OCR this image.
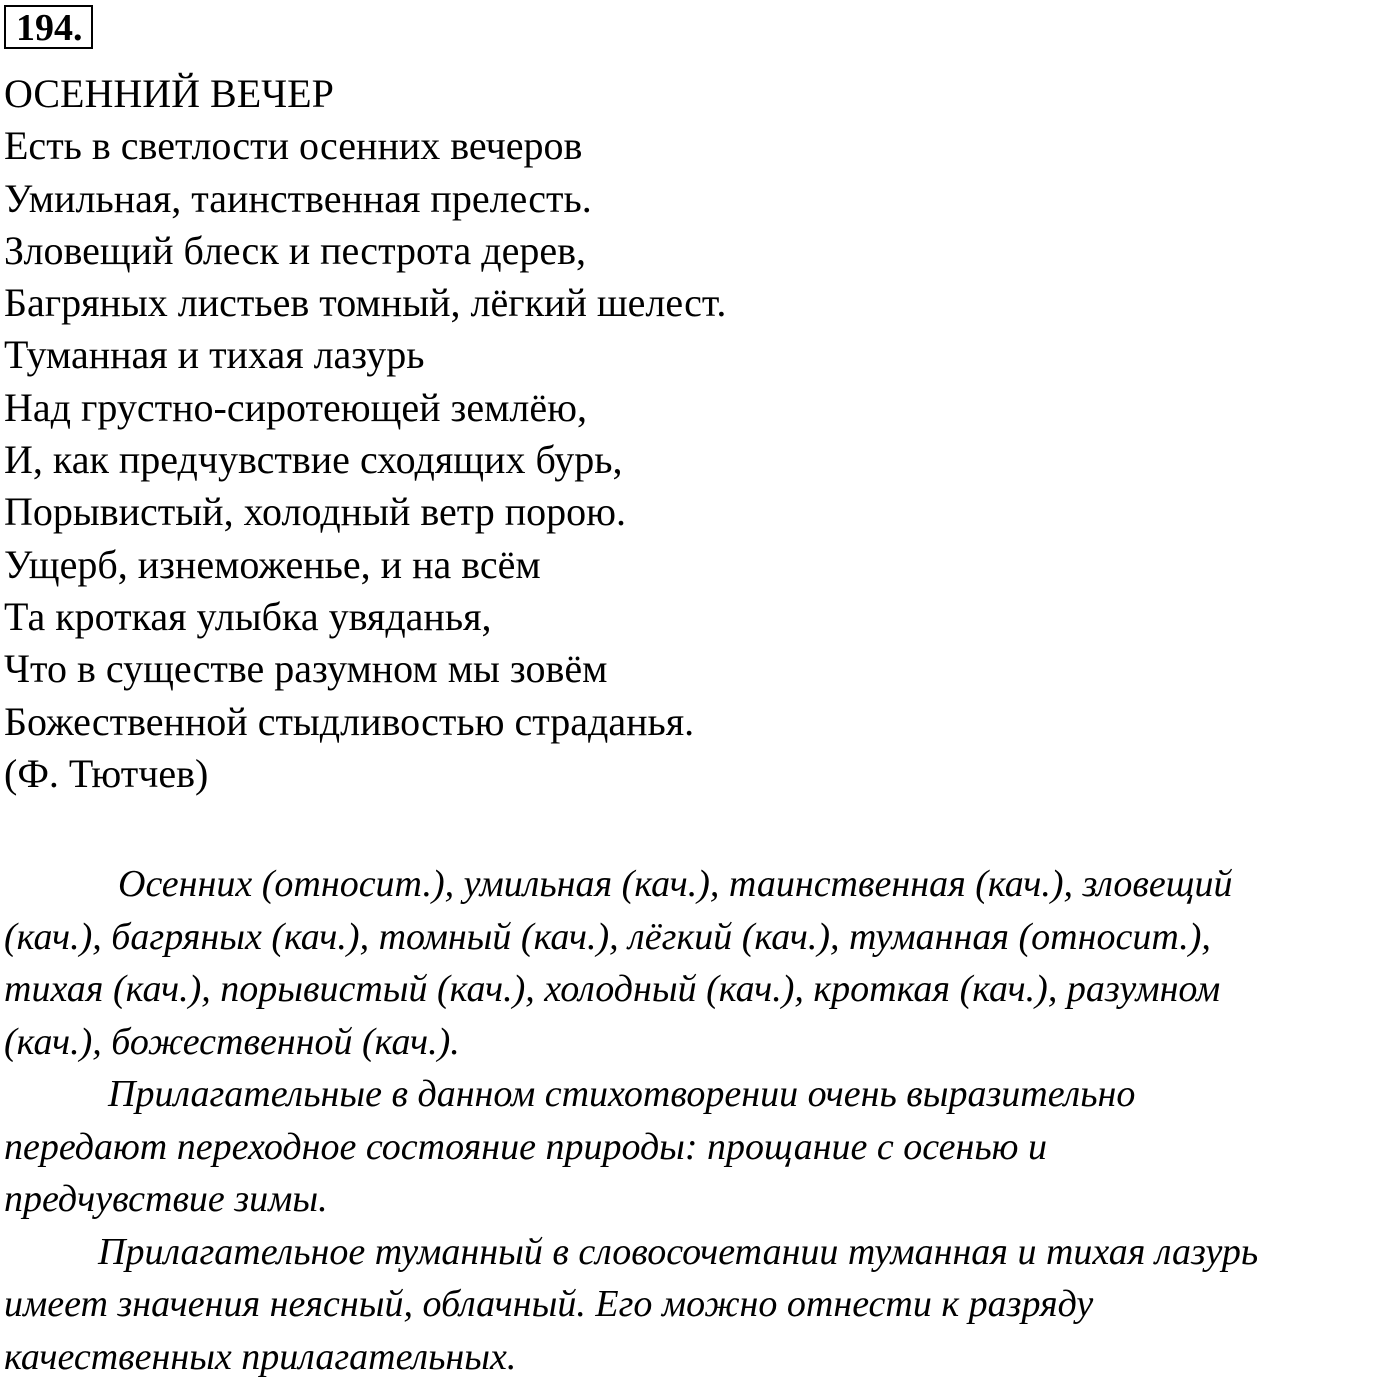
194.
ОСЕННИЙ ВЕЧЕР
Есть в светлости осенних вечеров
Умильная, таинственная прелесть.
Зловещий блеск и пестрота дерев,
Багряных листьев томный, лёгкий шелест.
Туманная и тихая лазурь
Над грустно-сиротеющей землёю,
И, как предчувствие сходящих бурь,
Порывистый, холодный ветр порою.
Ущерб, изнеможенье, и на всём
Та кроткая улыбка увяданья,
Что в существе разумном мы зовём
Божественной стыдливостью страданья.
(Ф. Тютчев)

Осенних (относит.), умильная (кач.), таинственная (кач.), зловещий
(кач.), багряных (кач.), томный (кач.), лёгкий (кач.), туманная (относит.),
тихая (кач.), порывистый (кач.), холодный (кач.), кроткая (кач.), разумном
(кач.), божественной (кач.).

Прилагательные в данном стихотворении очень выразительно
передают переходное состояние природы: прощание с осенью и
предчувствие зимы.

Прилагательное туманный в словосочетании туманная и тихая лазурь
имеет значения неясный, облачный. Его можно отнести к разряду
качественных прилагательных.
